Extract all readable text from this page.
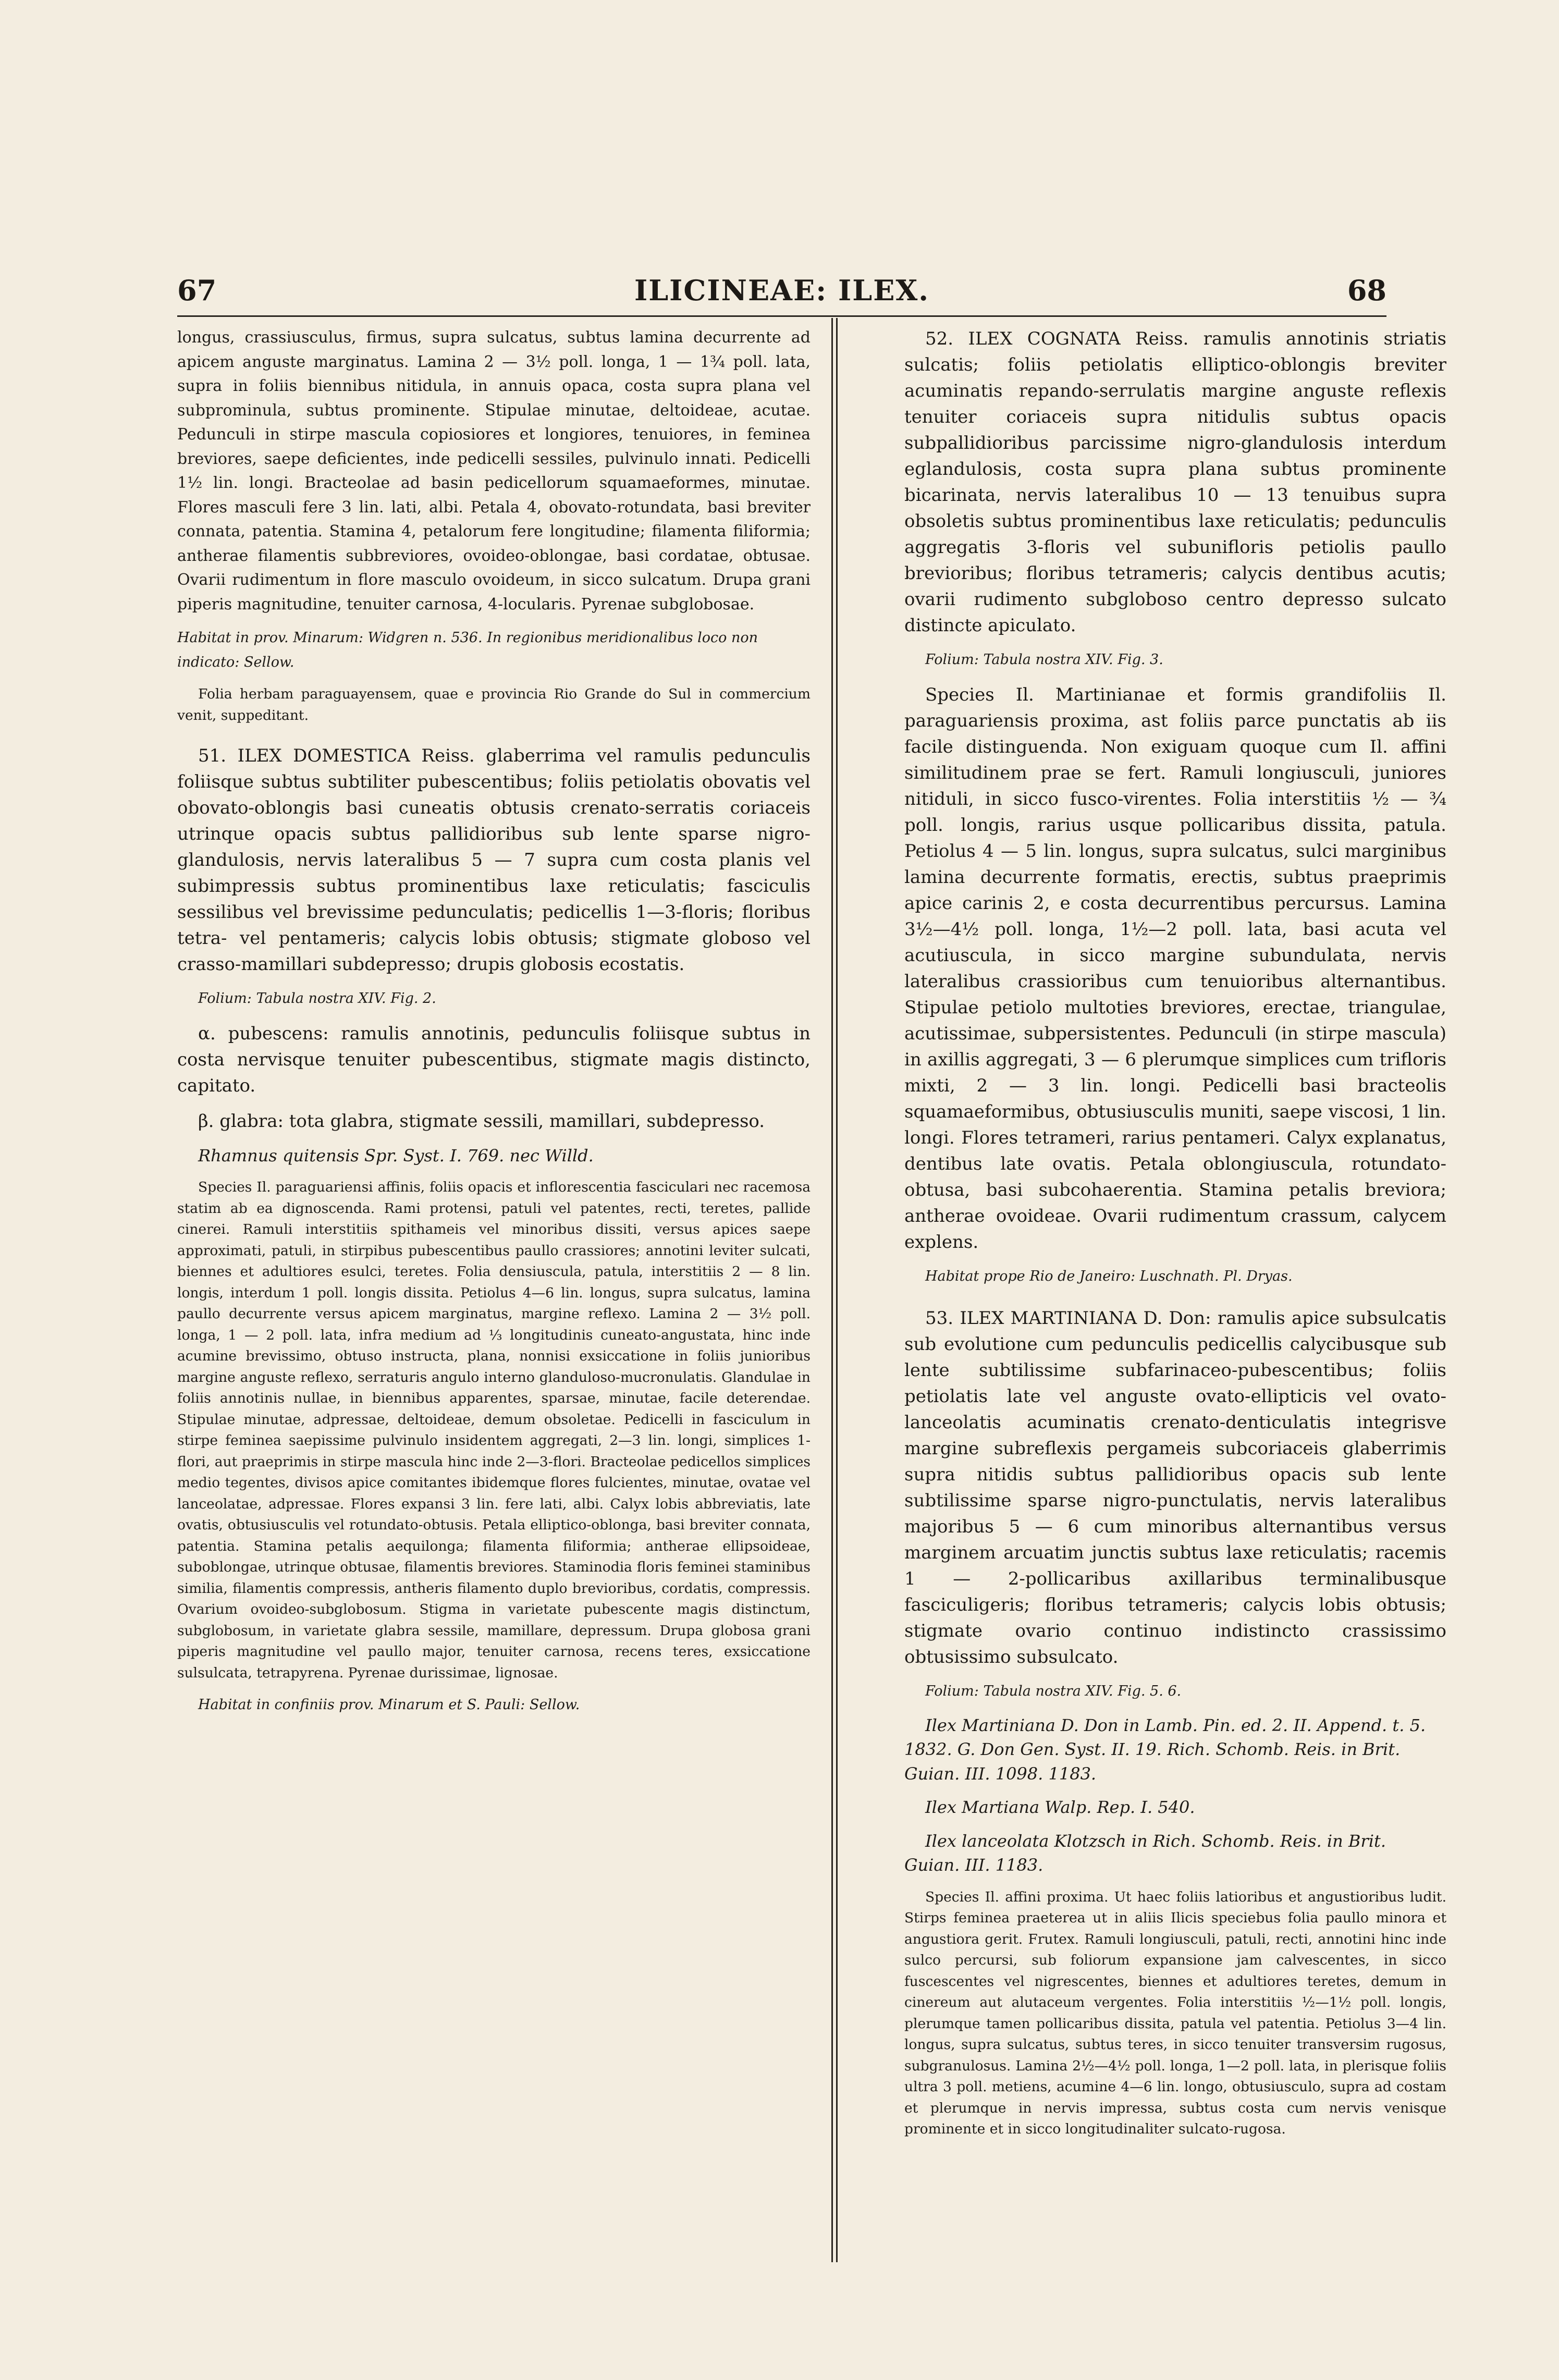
67	ILICINEAE: ILEX.	68

longus, crassiusculus, firmus, supra sulcatus, subtus lamina decurrente ad apicem anguste marginatus. Lamina 2 — 3½ poll. longa, 1 — 1¾ poll. lata, supra in foliis biennibus nitidula, in annuis opaca, costa supra plana vel subprominula, subtus prominente. Stipulae minutae, deltoideae, acutae. Pedunculi in stirpe mascula copiosiores et longiores, tenuiores, in feminea breviores, saepe deficientes, inde pedicelli sessiles, pulvinulo innati. Pedicelli 1½ lin. longi. Bracteolae ad basin pedicellorum squamaeformes, minutae. Flores masculi fere 3 lin. lati, albi. Petala 4, obovato-rotundata, basi breviter connata, patentia. Stamina 4, petalorum fere longitudine; filamenta filiformia; antherae filamentis subbreviores, ovoideo-oblongae, basi cordatae, obtusae. Ovarii rudimentum in flore masculo ovoideum, in sicco sulcatum. Drupa grani piperis magnitudine, tenuiter carnosa, 4-locularis. Pyrenae subglobosae.

Habitat in prov. Minarum: Widgren n. 536. In regionibus meridionalibus loco non indicato: Sellow.

Folia herbam paraguayensem, quae e provincia Rio Grande do Sul in commercium venit, suppeditant.

51. ILEX DOMESTICA Reiss. glaberrima vel ramulis pedunculis foliisque subtus subtiliter pubescentibus; foliis petiolatis obovatis vel obovato-oblongis basi cuneatis obtusis crenato-serratis coriaceis utrinque opacis subtus pallidioribus sub lente sparse nigro-glandulosis, nervis lateralibus 5 — 7 supra cum costa planis vel subimpressis subtus prominentibus laxe reticulatis; fasciculis sessilibus vel brevissime pedunculatis; pedicellis 1—3-floris; floribus tetra- vel pentameris; calycis lobis obtusis; stigmate globoso vel crasso-mamillari subdepresso; drupis globosis ecostatis.

Folium: Tabula nostra XIV. Fig. 2.

α. pubescens: ramulis annotinis, pedunculis foliisque subtus in costa nervisque tenuiter pubescentibus, stigmate magis distincto, capitato.

β. glabra: tota glabra, stigmate sessili, mamillari, subdepresso.

Rhamnus quitensis Spr. Syst. I. 769. nec Willd.

Species Il. paraguariensi affinis, foliis opacis et inflorescentia fasciculari nec racemosa statim ab ea dignoscenda. Rami protensi, patuli vel patentes, recti, teretes, pallide cinerei. Ramuli interstitiis spithameis vel minoribus dissiti, versus apices saepe approximati, patuli, in stirpibus pubescentibus paullo crassiores; annotini leviter sulcati, biennes et adultiores esulci, teretes. Folia densiuscula, patula, interstitiis 2 — 8 lin. longis, interdum 1 poll. longis dissita. Petiolus 4—6 lin. longus, supra sulcatus, lamina paullo decurrente versus apicem marginatus, margine reflexo. Lamina 2 — 3½ poll. longa, 1 — 2 poll. lata, infra medium ad ⅓ longitudinis cuneato-angustata, hinc inde acumine brevissimo, obtuso instructa, plana, nonnisi exsiccatione in foliis junioribus margine anguste reflexo, serraturis angulo interno glanduloso-mucronulatis. Glandulae in foliis annotinis nullae, in biennibus apparentes, sparsae, minutae, facile deterendae. Stipulae minutae, adpressae, deltoideae, demum obsoletae. Pedicelli in fasciculum in stirpe feminea saepissime pulvinulo insidentem aggregati, 2—3 lin. longi, simplices 1-flori, aut praeprimis in stirpe mascula hinc inde 2—3-flori. Bracteolae pedicellos simplices medio tegentes, divisos apice comitantes ibidemque flores fulcientes, minutae, ovatae vel lanceolatae, adpressae. Flores expansi 3 lin. fere lati, albi. Calyx lobis abbreviatis, late ovatis, obtusiusculis vel rotundato-obtusis. Petala elliptico-oblonga, basi breviter connata, patentia. Stamina petalis aequilonga; filamenta filiformia; antherae ellipsoideae, suboblongae, utrinque obtusae, filamentis breviores. Staminodia floris feminei staminibus similia, filamentis compressis, antheris filamento duplo brevioribus, cordatis, compressis. Ovarium ovoideo-subglobosum. Stigma in varietate pubescente magis distinctum, subglobosum, in varietate glabra sessile, mamillare, depressum. Drupa globosa grani piperis magnitudine vel paullo major, tenuiter carnosa, recens teres, exsiccatione sulsulcata, tetrapyrena. Pyrenae durissimae, lignosae.

Habitat in confiniis prov. Minarum et S. Pauli: Sellow.

52. ILEX COGNATA Reiss. ramulis annotinis striatis sulcatis; foliis petiolatis elliptico-oblongis breviter acuminatis repando-serrulatis margine anguste reflexis tenuiter coriaceis supra nitidulis subtus opacis subpallidioribus parcissime nigro-glandulosis interdum eglandulosis, costa supra plana subtus prominente bicarinata, nervis lateralibus 10 — 13 tenuibus supra obsoletis subtus prominentibus laxe reticulatis; pedunculis aggregatis 3-floris vel subunifloris petiolis paullo brevioribus; floribus tetrameris; calycis dentibus acutis; ovarii rudimento subgloboso centro depresso sulcato distincte apiculato.

Folium: Tabula nostra XIV. Fig. 3.

Species Il. Martinianae et formis grandifoliis Il. paraguariensis proxima, ast foliis parce punctatis ab iis facile distinguenda. Non exiguam quoque cum Il. affini similitudinem prae se fert. Ramuli longiusculi, juniores nitiduli, in sicco fusco-virentes. Folia interstitiis ½ — ¾ poll. longis, rarius usque pollicaribus dissita, patula. Petiolus 4 — 5 lin. longus, supra sulcatus, sulci marginibus lamina decurrente formatis, erectis, subtus praeprimis apice carinis 2, e costa decurrentibus percursus. Lamina 3½—4½ poll. longa, 1½—2 poll. lata, basi acuta vel acutiuscula, in sicco margine subundulata, nervis lateralibus crassioribus cum tenuioribus alternantibus. Stipulae petiolo multoties breviores, erectae, triangulae, acutissimae, subpersistentes. Pedunculi (in stirpe mascula) in axillis aggregati, 3 — 6 plerumque simplices cum trifloris mixti, 2 — 3 lin. longi. Pedicelli basi bracteolis squamaeformibus, obtusiusculis muniti, saepe viscosi, 1 lin. longi. Flores tetrameri, rarius pentameri. Calyx explanatus, dentibus late ovatis. Petala oblongiuscula, rotundato-obtusa, basi subcohaerentia. Stamina petalis breviora; antherae ovoideae. Ovarii rudimentum crassum, calycem explens.

Habitat prope Rio de Janeiro: Luschnath. Pl. Dryas.

53. ILEX MARTINIANA D. Don: ramulis apice subsulcatis sub evolutione cum pedunculis pedicellis calycibusque sub lente subtilissime subfarinaceo-pubescentibus; foliis petiolatis late vel anguste ovato-ellipticis vel ovato-lanceolatis acuminatis crenato-denticulatis integrisve margine subreflexis pergameis subcoriaceis glaberrimis supra nitidis subtus pallidioribus opacis sub lente subtilissime sparse nigro-punctulatis, nervis lateralibus majoribus 5 — 6 cum minoribus alternantibus versus marginem arcuatim junctis subtus laxe reticulatis; racemis 1 — 2-pollicaribus axillaribus terminalibusque fasciculigeris; floribus tetrameris; calycis lobis obtusis; stigmate ovario continuo indistincto crassissimo obtusissimo subsulcato.

Folium: Tabula nostra XIV. Fig. 5. 6.

Ilex Martiniana D. Don in Lamb. Pin. ed. 2. II. Append. t. 5. 1832. G. Don Gen. Syst. II. 19. Rich. Schomb. Reis. in Brit. Guian. III. 1098. 1183.

Ilex Martiana Walp. Rep. I. 540.

Ilex lanceolata Klotzsch in Rich. Schomb. Reis. in Brit. Guian. III. 1183.

Species Il. affini proxima. Ut haec foliis latioribus et angustioribus ludit. Stirps feminea praeterea ut in aliis Ilicis speciebus folia paullo minora et angustiora gerit. Frutex. Ramuli longiusculi, patuli, recti, annotini hinc inde sulco percursi, sub foliorum expansione jam calvescentes, in sicco fuscescentes vel nigrescentes, biennes et adultiores teretes, demum in cinereum aut alutaceum vergentes. Folia interstitiis ½—1½ poll. longis, plerumque tamen pollicaribus dissita, patula vel patentia. Petiolus 3—4 lin. longus, supra sulcatus, subtus teres, in sicco tenuiter transversim rugosus, subgranulosus. Lamina 2½—4½ poll. longa, 1—2 poll. lata, in plerisque foliis ultra 3 poll. metiens, acumine 4—6 lin. longo, obtusiusculo, supra ad costam et plerumque in nervis impressa, subtus costa cum nervis venisque prominente et in sicco longitudinaliter sulcato-rugosa.
